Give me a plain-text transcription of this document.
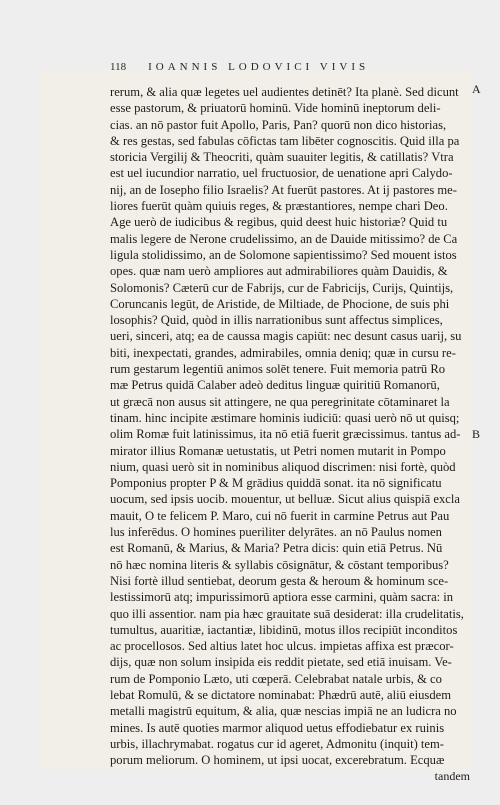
118 IOANNIS LODOVICI VIVIS
rerum, & alia quæ legetes uel audientes detinēt? Ita planè. Sed dicunt
esse pastorum, & priuatorū hominū. Vide hominū ineptorum deli-
cias. an nō pastor fuit Apollo, Paris, Pan? quorū non dico historias,
& res gestas, sed fabulas cōfictas tam libēter cognoscitis. Quid illa pa
storicia Vergilij & Theocriti, quàm suauiter legitis, & catillatis? Vtra
est uel iucundior narratio, uel fructuosior, de uenatione apri Calydo-
nij, an de Iosepho filio Israelis? At fuerūt pastores. At ij pastores me-
liores fuerūt quàm quiuis reges, & præstantiores, nempe chari Deo.
Age uerò de iudicibus & regibus, quid deest huic historiæ? Quid tu
malis legere de Nerone crudelissimo, an de Dauide mitissimo? de Ca
ligula stolidissimo, an de Solomone sapientissimo? Sed mouent istos
opes. quæ nam uerò ampliores aut admirabiliores quàm Dauidis, &
Solomonis? Cæterū cur de Fabrijs, cur de Fabricijs, Curijs, Quintijs,
Coruncanis legūt, de Aristide, de Miltiade, de Phocione, de suis phi
losophis? Quid, quòd in illis narrationibus sunt affectus simplices,
ueri, sinceri, atq; ea de caussa magis capiūt: nec desunt casus uarij, su
biti, inexpectati, grandes, admirabiles, omnia deniq; quæ in cursu re-
rum gestarum legentiū animos solēt tenere. Fuit memoria patrū Ro
mæ Petrus quidā Calaber adeò deditus linguæ quiritiū Romanorū,
ut græcā non ausus sit attingere, ne qua peregrinitate cōtaminaret la
tinam. hinc incipite æstimare hominis iudiciū: quasi uerò nō ut quisq;
olim Romæ fuit latinissimus, ita nō etiā fuerit græcissimus. tantus ad-
mirator illius Romanæ uetustatis, ut Petri nomen mutarit in Pompo
nium, quasi uerò sit in nominibus aliquod discrimen: nisi fortè, quòd
Pomponius propter P & M grādius quiddā sonat. ita nō significatu
uocum, sed ipsis uocib. mouentur, ut belluæ. Sicut alius quispiā excla
mauit, O te felicem P. Maro, cui nō fuerit in carmine Petrus aut Pau
lus inferēdus. O homines pueriliter delyrātes. an nō Paulus nomen
est Romanū, & Marius, & Maria? Petra dicis: quin etiā Petrus. Nū
nō hæc nomina literis & syllabis cōsignātur, & cōstant temporibus?
Nisi fortè illud sentiebat, deorum gesta & heroum & hominum sce-
lestissimorū atq; impurissimorū aptiora esse carmini, quàm sacra: in
quo illi assentior. nam pia hæc grauitate suā desiderat: illa crudelitatis,
tumultus, auaritiæ, iactantiæ, libidinū, motus illos recipiūt inconditos
ac procellosos. Sed altius latet hoc ulcus. impietas affixa est præcor-
dijs, quæ non solum insipida eis reddit pietate, sed etiā inuisam. Ve-
rum de Pomponio Læto, uti cœperā. Celebrabat natale urbis, & co
lebat Romulū, & se dictatore nominabat: Phædrū autē, aliū eiusdem
metalli magistrū equitum, & alia, quæ nescias impiā ne an ludicra no
mines. Is autē quoties marmor aliquod uetus effodiebatur ex ruinis
urbis, illachrymabat. rogatus cur id ageret, Admonitu (inquit) tem-
porum meliorum. O hominem, ut ipsi uocat, excerebratum. Ecquæ
tandem
A
B
